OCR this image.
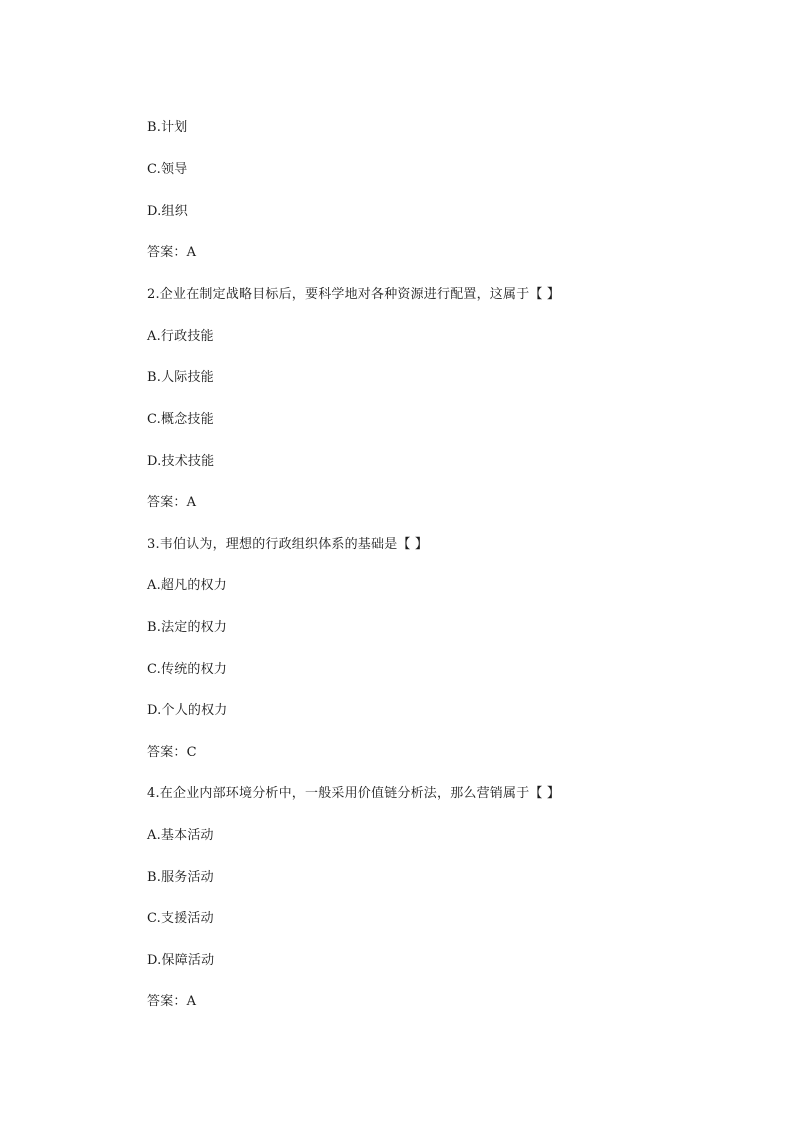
B.计划
C.领导
D.组织
答案：A
2.企业在制定战略目标后，要科学地对各种资源进行配置，这属于【 】
A.行政技能
B.人际技能
C.概念技能
D.技术技能
答案：A
3.韦伯认为，理想的行政组织体系的基础是【 】
A.超凡的权力
B.法定的权力
C.传统的权力
D.个人的权力
答案：C
4.在企业内部环境分析中，一般采用价值链分析法，那么营销属于【 】
A.基本活动
B.服务活动
C.支援活动
D.保障活动
答案：A
